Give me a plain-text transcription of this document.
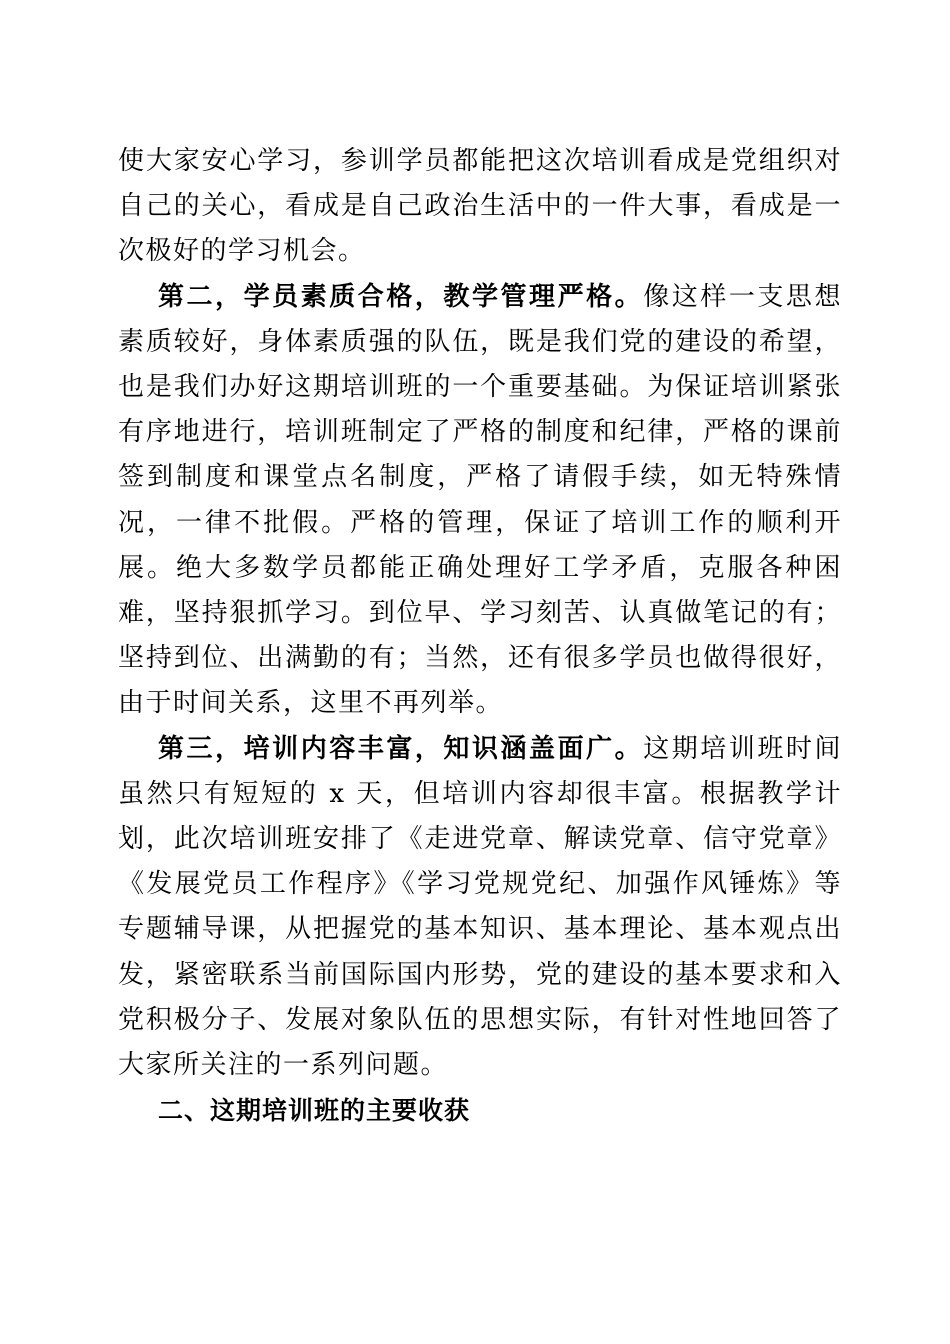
使大家安心学习，参训学员都能把这次培训看成是党组织对自己的关心，看成是自己政治生活中的一件大事，看成是一次极好的学习机会。

第二，学员素质合格，教学管理严格。像这样一支思想素质较好，身体素质强的队伍，既是我们党的建设的希望，也是我们办好这期培训班的一个重要基础。为保证培训紧张有序地进行，培训班制定了严格的制度和纪律，严格的课前签到制度和课堂点名制度，严格了请假手续，如无特殊情况，一律不批假。严格的管理，保证了培训工作的顺利开展。绝大多数学员都能正确处理好工学矛盾，克服各种困难，坚持狠抓学习。到位早、学习刻苦、认真做笔记的有；坚持到位、出满勤的有；当然，还有很多学员也做得很好，由于时间关系，这里不再列举。

第三，培训内容丰富，知识涵盖面广。这期培训班时间虽然只有短短的 x 天，但培训内容却很丰富。根据教学计划，此次培训班安排了《走进党章、解读党章、信守党章》《发展党员工作程序》《学习党规党纪、加强作风锤炼》等专题辅导课，从把握党的基本知识、基本理论、基本观点出发，紧密联系当前国际国内形势，党的建设的基本要求和入党积极分子、发展对象队伍的思想实际，有针对性地回答了大家所关注的一系列问题。

二、这期培训班的主要收获
